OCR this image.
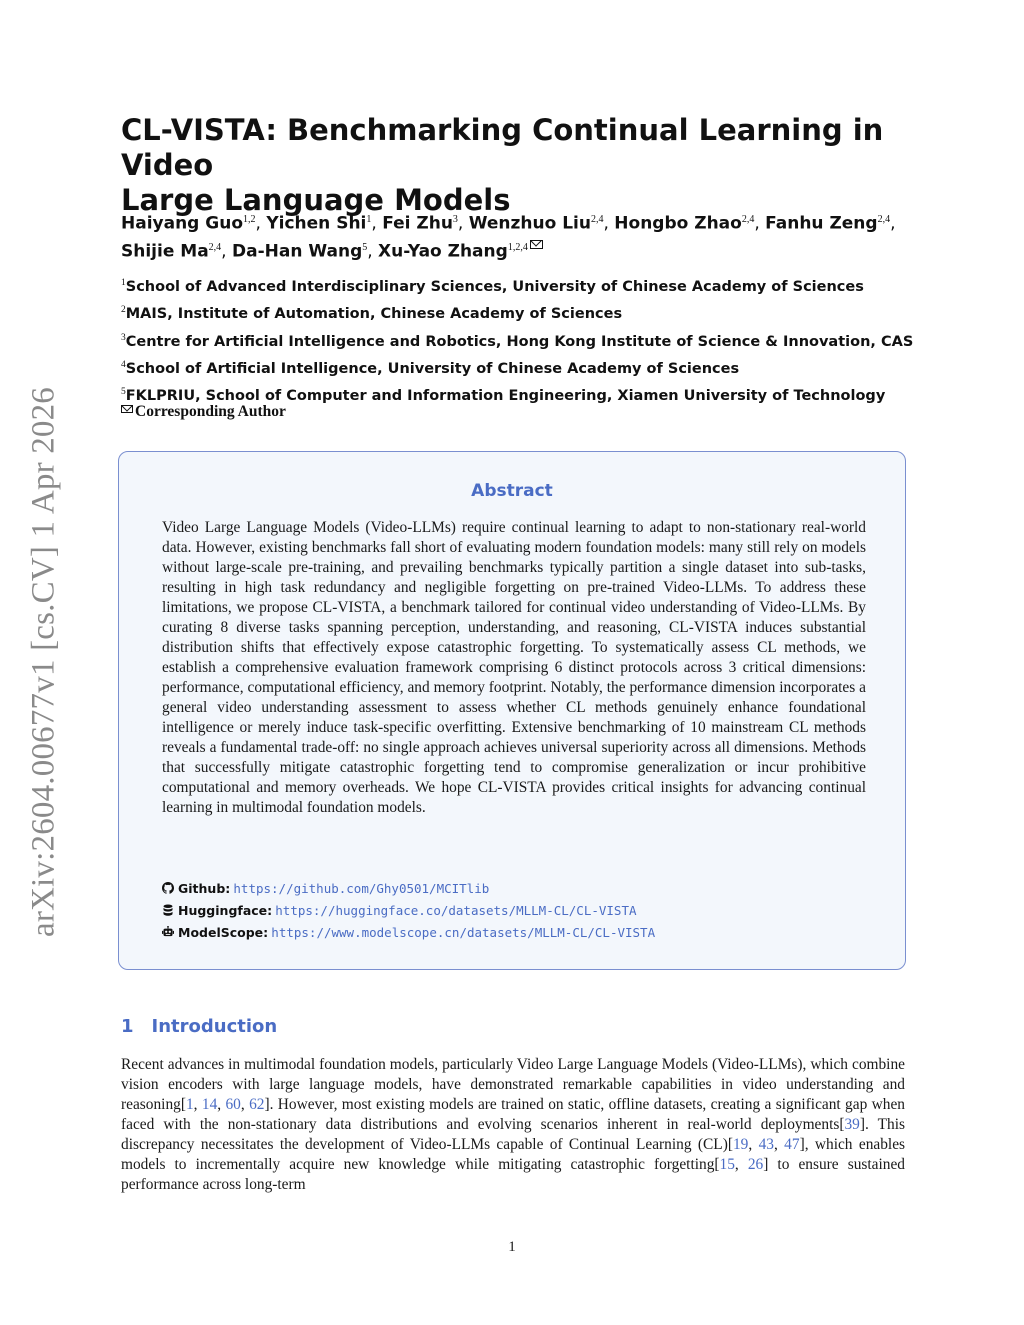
arXiv:2604.00677v1 [cs.CV] 1 Apr 2026
CL-VISTA: Benchmarking Continual Learning in Video
Large Language Models
Haiyang Guo$^{1,2}$, Yichen Shi$^1$, Fei Zhu$^3$, Wenzhuo Liu$^{2,4}$, Hongbo Zhao$^{2,4}$, Fanhu Zeng$^{2,4}$, Shijie Ma$^{2,4}$, Da-Han Wang$^5$, Xu-Yao Zhang$^{1,2,4}$
$^1$School of Advanced Interdisciplinary Sciences, University of Chinese Academy of Sciences
$^2$MAIS, Institute of Automation, Chinese Academy of Sciences
$^3$Centre for Artificial Intelligence and Robotics, Hong Kong Institute of Science & Innovation, CAS
$^4$School of Artificial Intelligence, University of Chinese Academy of Sciences
$^5$FKLPRIU, School of Computer and Information Engineering, Xiamen University of Technology
Corresponding Author
Abstract
Video Large Language Models (Video-LLMs) require continual learning to adapt to non-stationary real-world data. However, existing benchmarks fall short of evaluating modern foundation models: many still rely on models without large-scale pre-training, and prevailing benchmarks typically partition a single dataset into sub-tasks, resulting in high task redundancy and negligible forgetting on pre-trained Video-LLMs. To address these limitations, we propose CL-VISTA, a benchmark tailored for continual video understanding of Video-LLMs. By curating 8 diverse tasks spanning perception, understanding, and reasoning, CL-VISTA induces substantial distribution shifts that effectively expose catastrophic forgetting. To systematically assess CL methods, we establish a comprehensive evaluation framework comprising 6 distinct protocols across 3 critical dimensions: performance, computational efficiency, and memory footprint. Notably, the performance dimension incorporates a general video understanding assessment to assess whether CL methods genuinely enhance foundational intelligence or merely induce task-specific overfitting. Extensive benchmarking of 10 mainstream CL methods reveals a fundamental trade-off: no single approach achieves universal superiority across all dimensions. Methods that successfully mitigate catastrophic forgetting tend to compromise generalization or incur prohibitive computational and memory overheads. We hope CL-VISTA provides critical insights for advancing continual learning in multimodal foundation models.
Github: https://github.com/Ghy0501/MCITlib
Huggingface: https://huggingface.co/datasets/MLLM-CL/CL-VISTA
ModelScope: https://www.modelscope.cn/datasets/MLLM-CL/CL-VISTA
1 Introduction
Recent advances in multimodal foundation models, particularly Video Large Language Models (Video-LLMs), which combine vision encoders with large language models, have demonstrated remarkable capabilities in video understanding and reasoning[1, 14, 60, 62]. However, most existing models are trained on static, offline datasets, creating a significant gap when faced with the non-stationary data distributions and evolving scenarios inherent in real-world deployments[39]. This discrepancy necessitates the development of Video-LLMs capable of Continual Learning (CL)[19, 43, 47], which enables models to incrementally acquire new knowledge while mitigating catastrophic forgetting[15, 26] to ensure sustained performance across long-term
1
